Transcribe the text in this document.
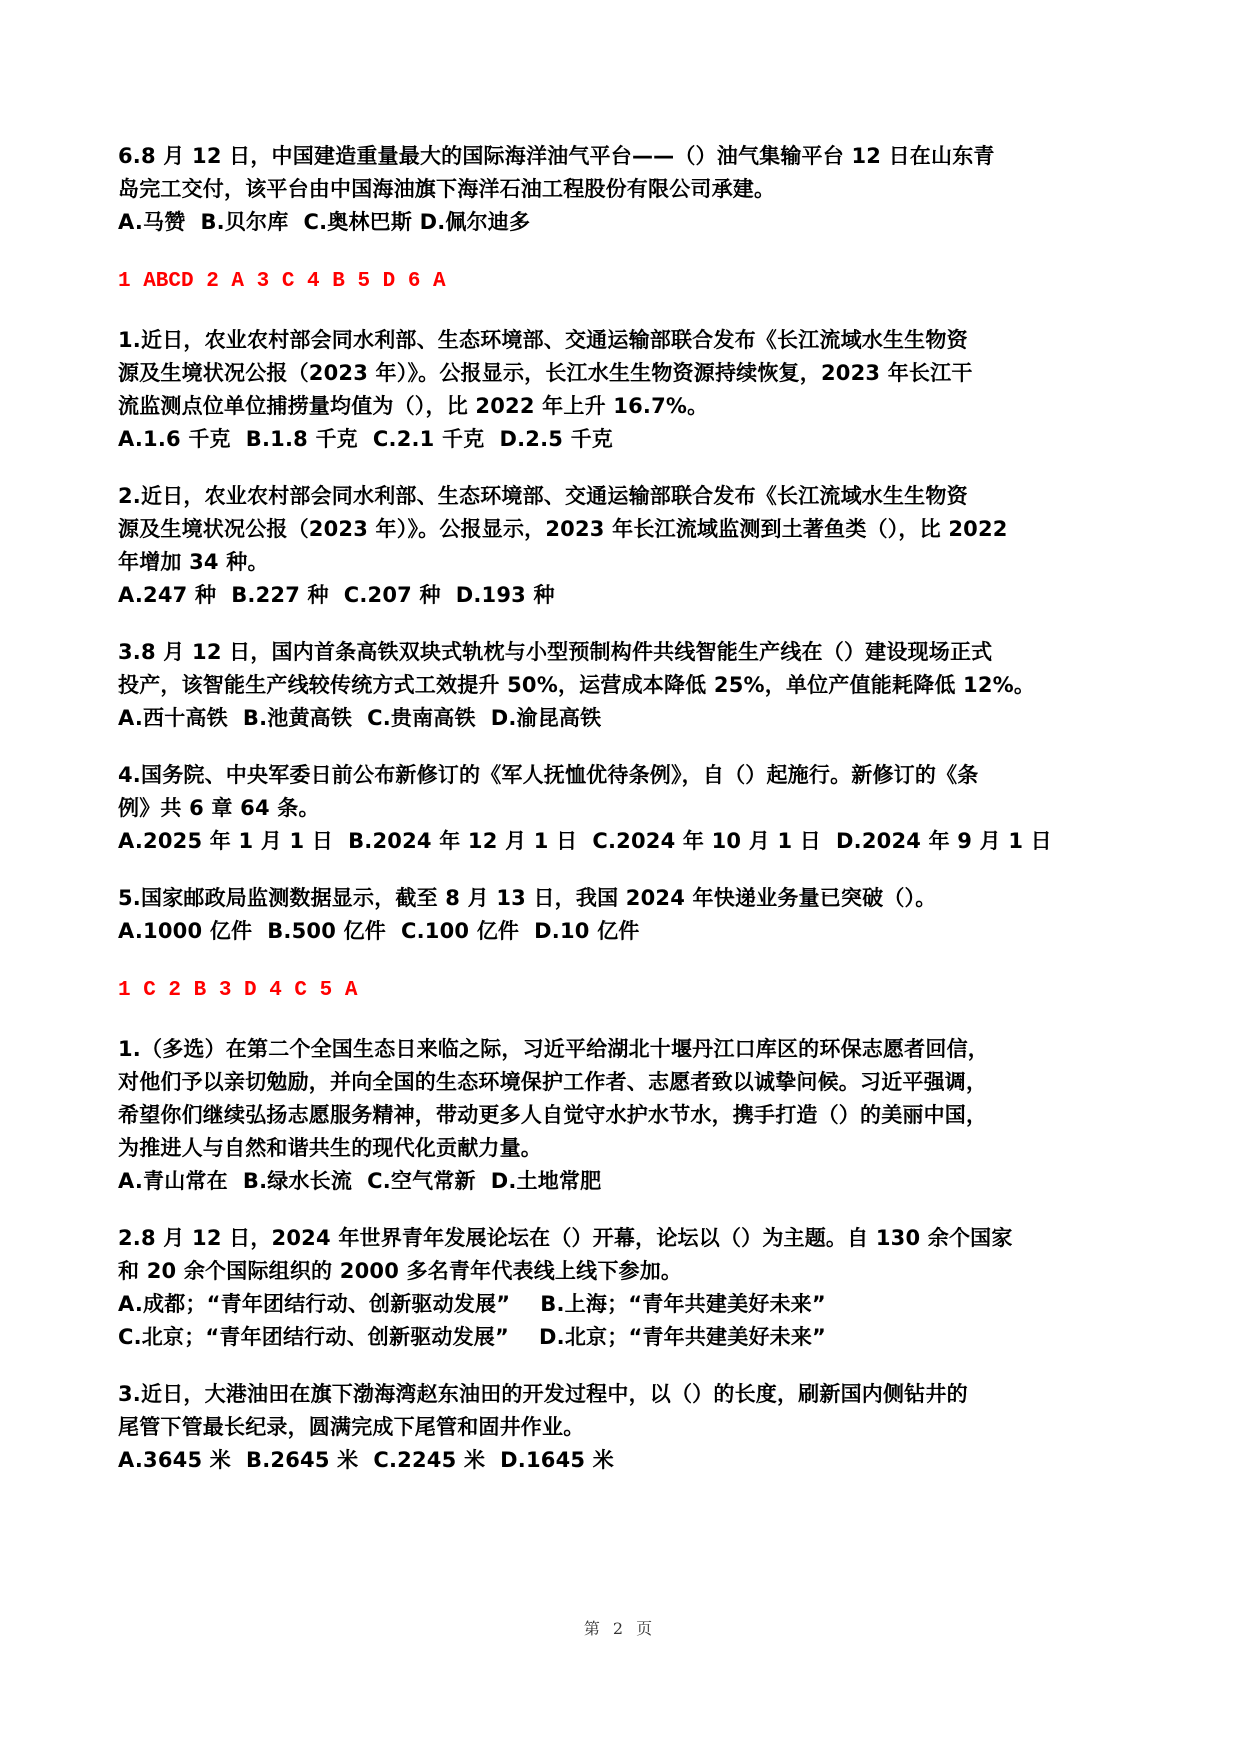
6.8 月 12 日，中国建造重量最大的国际海洋油气平台——（）油气集输平台 12 日在山东青

岛完工交付，该平台由中国海油旗下海洋石油工程股份有限公司承建。

A.马赞 B.贝尔库 C.奥林巴斯 D.佩尔迪多

1 ABCD 2 A 3 C 4 B 5 D 6 A

1.近日，农业农村部会同水利部、生态环境部、交通运输部联合发布《长江流域水生生物资

源及生境状况公报（2023 年）》。公报显示，长江水生生物资源持续恢复，2023 年长江干

流监测点位单位捕捞量均值为（），比 2022 年上升 16.7%。

A.1.6 千克 B.1.8 千克 C.2.1 千克 D.2.5 千克

2.近日，农业农村部会同水利部、生态环境部、交通运输部联合发布《长江流域水生生物资

源及生境状况公报（2023 年）》。公报显示，2023 年长江流域监测到土著鱼类（），比 2022

年增加 34 种。

A.247 种 B.227 种 C.207 种 D.193 种

3.8 月 12 日，国内首条高铁双块式轨枕与小型预制构件共线智能生产线在（）建设现场正式

投产，该智能生产线较传统方式工效提升 50%，运营成本降低 25%，单位产值能耗降低 12%。

A.西十高铁 B.池黄高铁 C.贵南高铁 D.渝昆高铁

4.国务院、中央军委日前公布新修订的《军人抚恤优待条例》，自（）起施行。新修订的《条

例》共 6 章 64 条。

A.2025 年 1 月 1 日 B.2024 年 12 月 1 日 C.2024 年 10 月 1 日 D.2024 年 9 月 1 日

5.国家邮政局监测数据显示，截至 8 月 13 日，我国 2024 年快递业务量已突破（）。

A.1000 亿件 B.500 亿件 C.100 亿件 D.10 亿件

1 C 2 B 3 D 4 C 5 A

1.（多选）在第二个全国生态日来临之际，习近平给湖北十堰丹江口库区的环保志愿者回信，

对他们予以亲切勉励，并向全国的生态环境保护工作者、志愿者致以诚挚问候。习近平强调，

希望你们继续弘扬志愿服务精神，带动更多人自觉守水护水节水，携手打造（）的美丽中国，

为推进人与自然和谐共生的现代化贡献力量。

A.青山常在 B.绿水长流 C.空气常新 D.土地常肥

2.8 月 12 日，2024 年世界青年发展论坛在（）开幕，论坛以（）为主题。自 130 余个国家

和 20 余个国际组织的 2000 多名青年代表线上线下参加。

A.成都；“青年团结行动、创新驱动发展” B.上海；“青年共建美好未来”

C.北京；“青年团结行动、创新驱动发展” D.北京；“青年共建美好未来”

3.近日，大港油田在旗下渤海湾赵东油田的开发过程中，以（）的长度，刷新国内侧钻井的

尾管下管最长纪录，圆满完成下尾管和固井作业。

A.3645 米 B.2645 米 C.2245 米 D.1645 米

第 2 页
